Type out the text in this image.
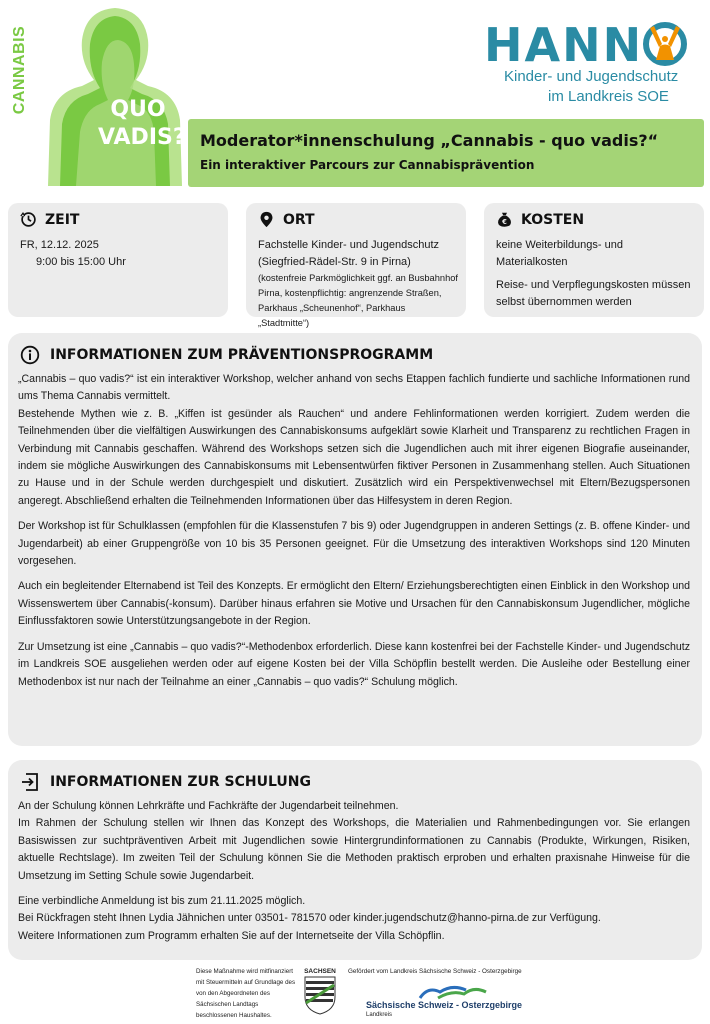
CANNABIS	QUO
VADIS?
HANN
Kinder- und Jugendschutz
im Landkreis SOE
Moderator*innenschulung „Cannabis - quo vadis?“
Ein interaktiver Parcours zur Cannabisprävention
ZEIT
FR, 12.12. 2025
9:00 bis 15:00 Uhr
ORT
Fachstelle Kinder- und Jugendschutz
(Siegfried-Rädel-Str. 9 in Pirna)
(kostenfreie Parkmöglichkeit ggf. an Busbahnhof
Pirna, kostenpflichtig: angrenzende Straßen,
Parkhaus „Scheunenhof“, Parkhaus „Stadtmitte“)
€ KOSTEN
keine Weiterbildungs- und Materialkosten
Reise- und Verpflegungskosten müssen
selbst übernommen werden
INFORMATIONEN ZUM PRÄVENTIONSPROGRAMM

„Cannabis – quo vadis?“ ist ein interaktiver Workshop, welcher anhand von sechs Etappen fachlich fundierte und sachliche Informationen rund ums Thema Cannabis vermittelt.

Bestehende Mythen wie z. B. „Kiffen ist gesünder als Rauchen“ und andere Fehlinformationen werden korrigiert. Zudem werden die Teilnehmenden über die vielfältigen Auswirkungen des Cannabiskonsums aufgeklärt sowie Klarheit und Transparenz zu rechtlichen Fragen in Verbindung mit Cannabis geschaffen. Während des Workshops setzen sich die Jugendlichen auch mit ihrer eigenen Biografie auseinander, indem sie mögliche Auswirkungen des Cannabiskonsums mit Lebensentwürfen fiktiver Personen in Zusammenhang stellen. Auch Situationen zu Hause und in der Schule werden durchgespielt und diskutiert. Zusätzlich wird ein Perspektivenwechsel mit Eltern/Bezugspersonen angeregt. Abschließend erhalten die Teilnehmenden Informationen über das Hilfesystem in deren Region.

Der Workshop ist für Schulklassen (empfohlen für die Klassenstufen 7 bis 9) oder Jugendgruppen in anderen Settings (z. B. offene Kinder- und Jugendarbeit) ab einer Gruppengröße von 10 bis 35 Personen geeignet. Für die Umsetzung des interaktiven Workshops sind 120 Minuten vorgesehen.

Auch ein begleitender Elternabend ist Teil des Konzepts. Er ermöglicht den Eltern/ Erziehungsberechtigten einen Einblick in den Workshop und Wissenswertem über Cannabis(-konsum). Darüber hinaus erfahren sie Motive und Ursachen für den Cannabiskonsum Jugendlicher, mögliche Einflussfaktoren sowie Unterstützungsangebote in der Region.

Zur Umsetzung ist eine „Cannabis – quo vadis?“-Methodenbox erforderlich. Diese kann kostenfrei bei der Fachstelle Kinder- und Jugendschutz im Landkreis SOE ausgeliehen werden oder auf eigene Kosten bei der Villa Schöpflin bestellt werden. Die Ausleihe oder Bestellung einer Methodenbox ist nur nach der Teilnahme an einer „Cannabis – quo vadis?“ Schulung möglich.

INFORMATIONEN ZUR SCHULUNG

An der Schulung können Lehrkräfte und Fachkräfte der Jugendarbeit teilnehmen.

Im Rahmen der Schulung stellen wir Ihnen das Konzept des Workshops, die Materialien und Rahmenbedingungen vor. Sie erlangen Basiswissen zur suchtpräventiven Arbeit mit Jugendlichen sowie Hintergrundinformationen zu Cannabis (Produkte, Wirkungen, Risiken, aktuelle Rechtslage). Im zweiten Teil der Schulung können Sie die Methoden praktisch erproben und erhalten praxisnahe Hinweise für die Umsetzung im Setting Schule sowie Jugendarbeit.

Eine verbindliche Anmeldung ist bis zum 21.11.2025 möglich.

Bei Rückfragen steht Ihnen Lydia Jähnichen unter 03501- 781570 oder kinder.jugendschutz@hanno-pirna.de zur Verfügung.

Weitere Informationen zum Programm erhalten Sie auf der Internetseite der Villa Schöpflin.

Diese Maßnahme wird mitfinanziert mit Steuermitteln auf Grundlage des von den Abgeordneten des Sächsischen Landtags beschlossenen Haushaltes.
SACHSEN	Gefördert vom Landkreis Sächsische Schweiz - Osterzgebirge
Sächsische Schweiz - Osterzgebirge
Landkreis
